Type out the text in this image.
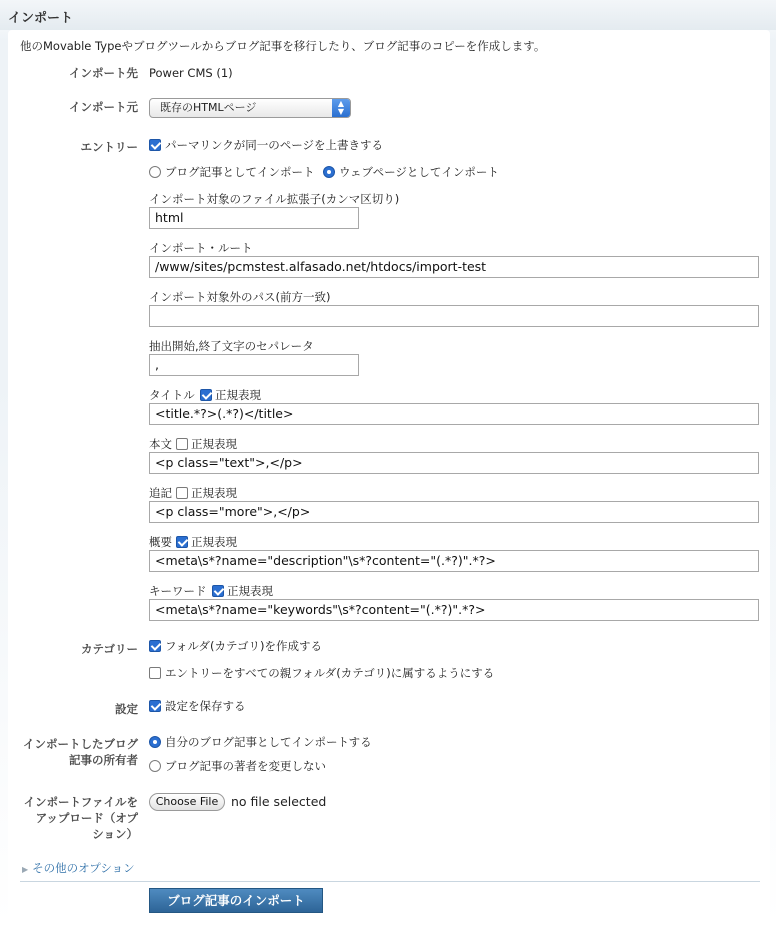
インポート
他のMovable Typeやブログツールからブログ記事を移行したり、ブログ記事のコピーを作成します。
インポート先 Power CMS (1)
インポート元	既存のHTMLページ	▲
▼
エントリー パーマリンクが同一のページを上書きする
ブログ記事としてインポート ウェブページとしてインポート
インポート対象のファイル拡張子(カンマ区切り)
html
インポート・ルート
/www/sites/pcmstest.alfasado.net/htdocs/import-test
インポート対象外のパス(前方一致)
抽出開始,終了文字のセパレータ
,
タイトル 正規表現
<title.*?>(.*?)</title>
本文 正規表現
<p class="text">,</p>
追記 正規表現
<p class="more">,</p>
概要 正規表現
<meta\s*?name="description"\s*?content="(.*?)".*?>
キーワード 正規表現
<meta\s*?name="keywords"\s*?content="(.*?)".*?>
カテゴリー フォルダ(カテゴリ)を作成する
エントリーをすべての親フォルダ(カテゴリ)に属するようにする
設定 設定を保存する
インポートしたブログ
記事の所有者
自分のブログ記事としてインポートする
ブログ記事の著者を変更しない
インポートファイルを
アップロード（オプ
ション）
Choose File	no file selected
▶ その他のオプション
ブログ記事のインポート
